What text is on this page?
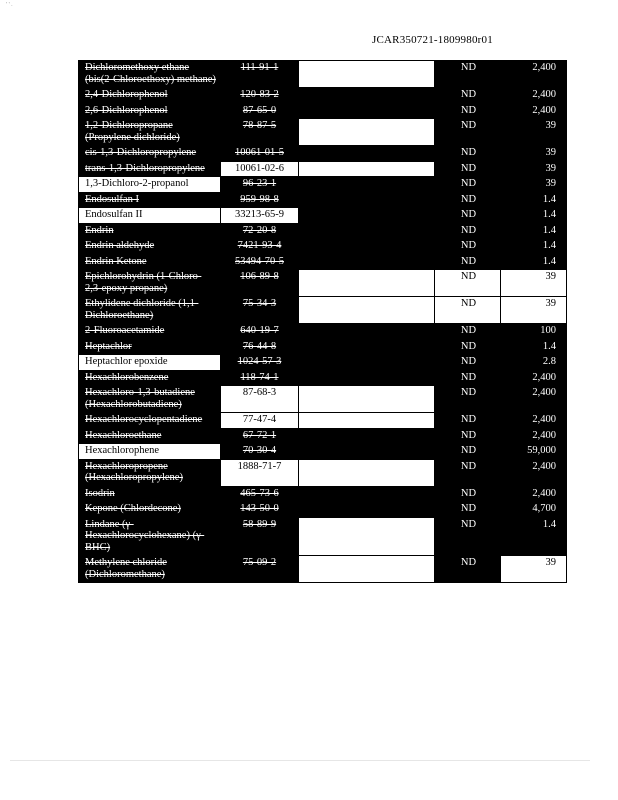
' ' .
JCAR350721-1809980r01
Dichloromethoxy ethane (bis(2-Chloroethoxy) methane)	111-91-1		ND	2,400
2,4-Dichlorophenol	120-83-2		ND	2,400
2,6-Dichlorophenol	87-65-0		ND	2,400
1,2-Dichloropropane (Propylene dichloride)	78-87-5		ND	39
cis-1,3-Dichloropropylene	10061-01-5		ND	39
trans-1,3-Dichloropropylene	10061-02-6		ND	39
1,3-Dichloro-2-propanol	96-23-1		ND	39
Endosulfan I	959-98-8		ND	1.4
Endosulfan II	33213-65-9		ND	1.4
Endrin	72-20-8		ND	1.4
Endrin aldehyde	7421-93-4		ND	1.4
Endrin Ketone	53494-70-5		ND	1.4
Epichlorohydrin (1-Chloro-2,3-epoxy propane)	106-89-8		ND	39
Ethylidene dichloride (1,1-Dichloroethane)	75-34-3		ND	39
2-Fluoroacetamide	640-19-7		ND	100
Heptachlor	76-44-8		ND	1.4
Heptachlor epoxide	1024-57-3		ND	2.8
Hexachlorobenzene	118-74-1		ND	2,400
Hexachloro-1,3-butadiene (Hexachlorobutadiene)	87-68-3		ND	2,400
Hexachlorocyclopentadiene	77-47-4		ND	2,400
Hexachloroethane	67-72-1		ND	2,400
Hexachlorophene	70-30-4		ND	59,000
Hexachloropropene (Hexachloropropylene)	1888-71-7		ND	2,400
Isodrin	465-73-6		ND	2,400
Kepone (Chlordecone)	143-50-0		ND	4,700
Lindane (γ-Hexachlorocyclohexane) (γ-BHC)	58-89-9		ND	1.4
Methylene chloride (Dichloromethane)	75-09-2		ND	39
